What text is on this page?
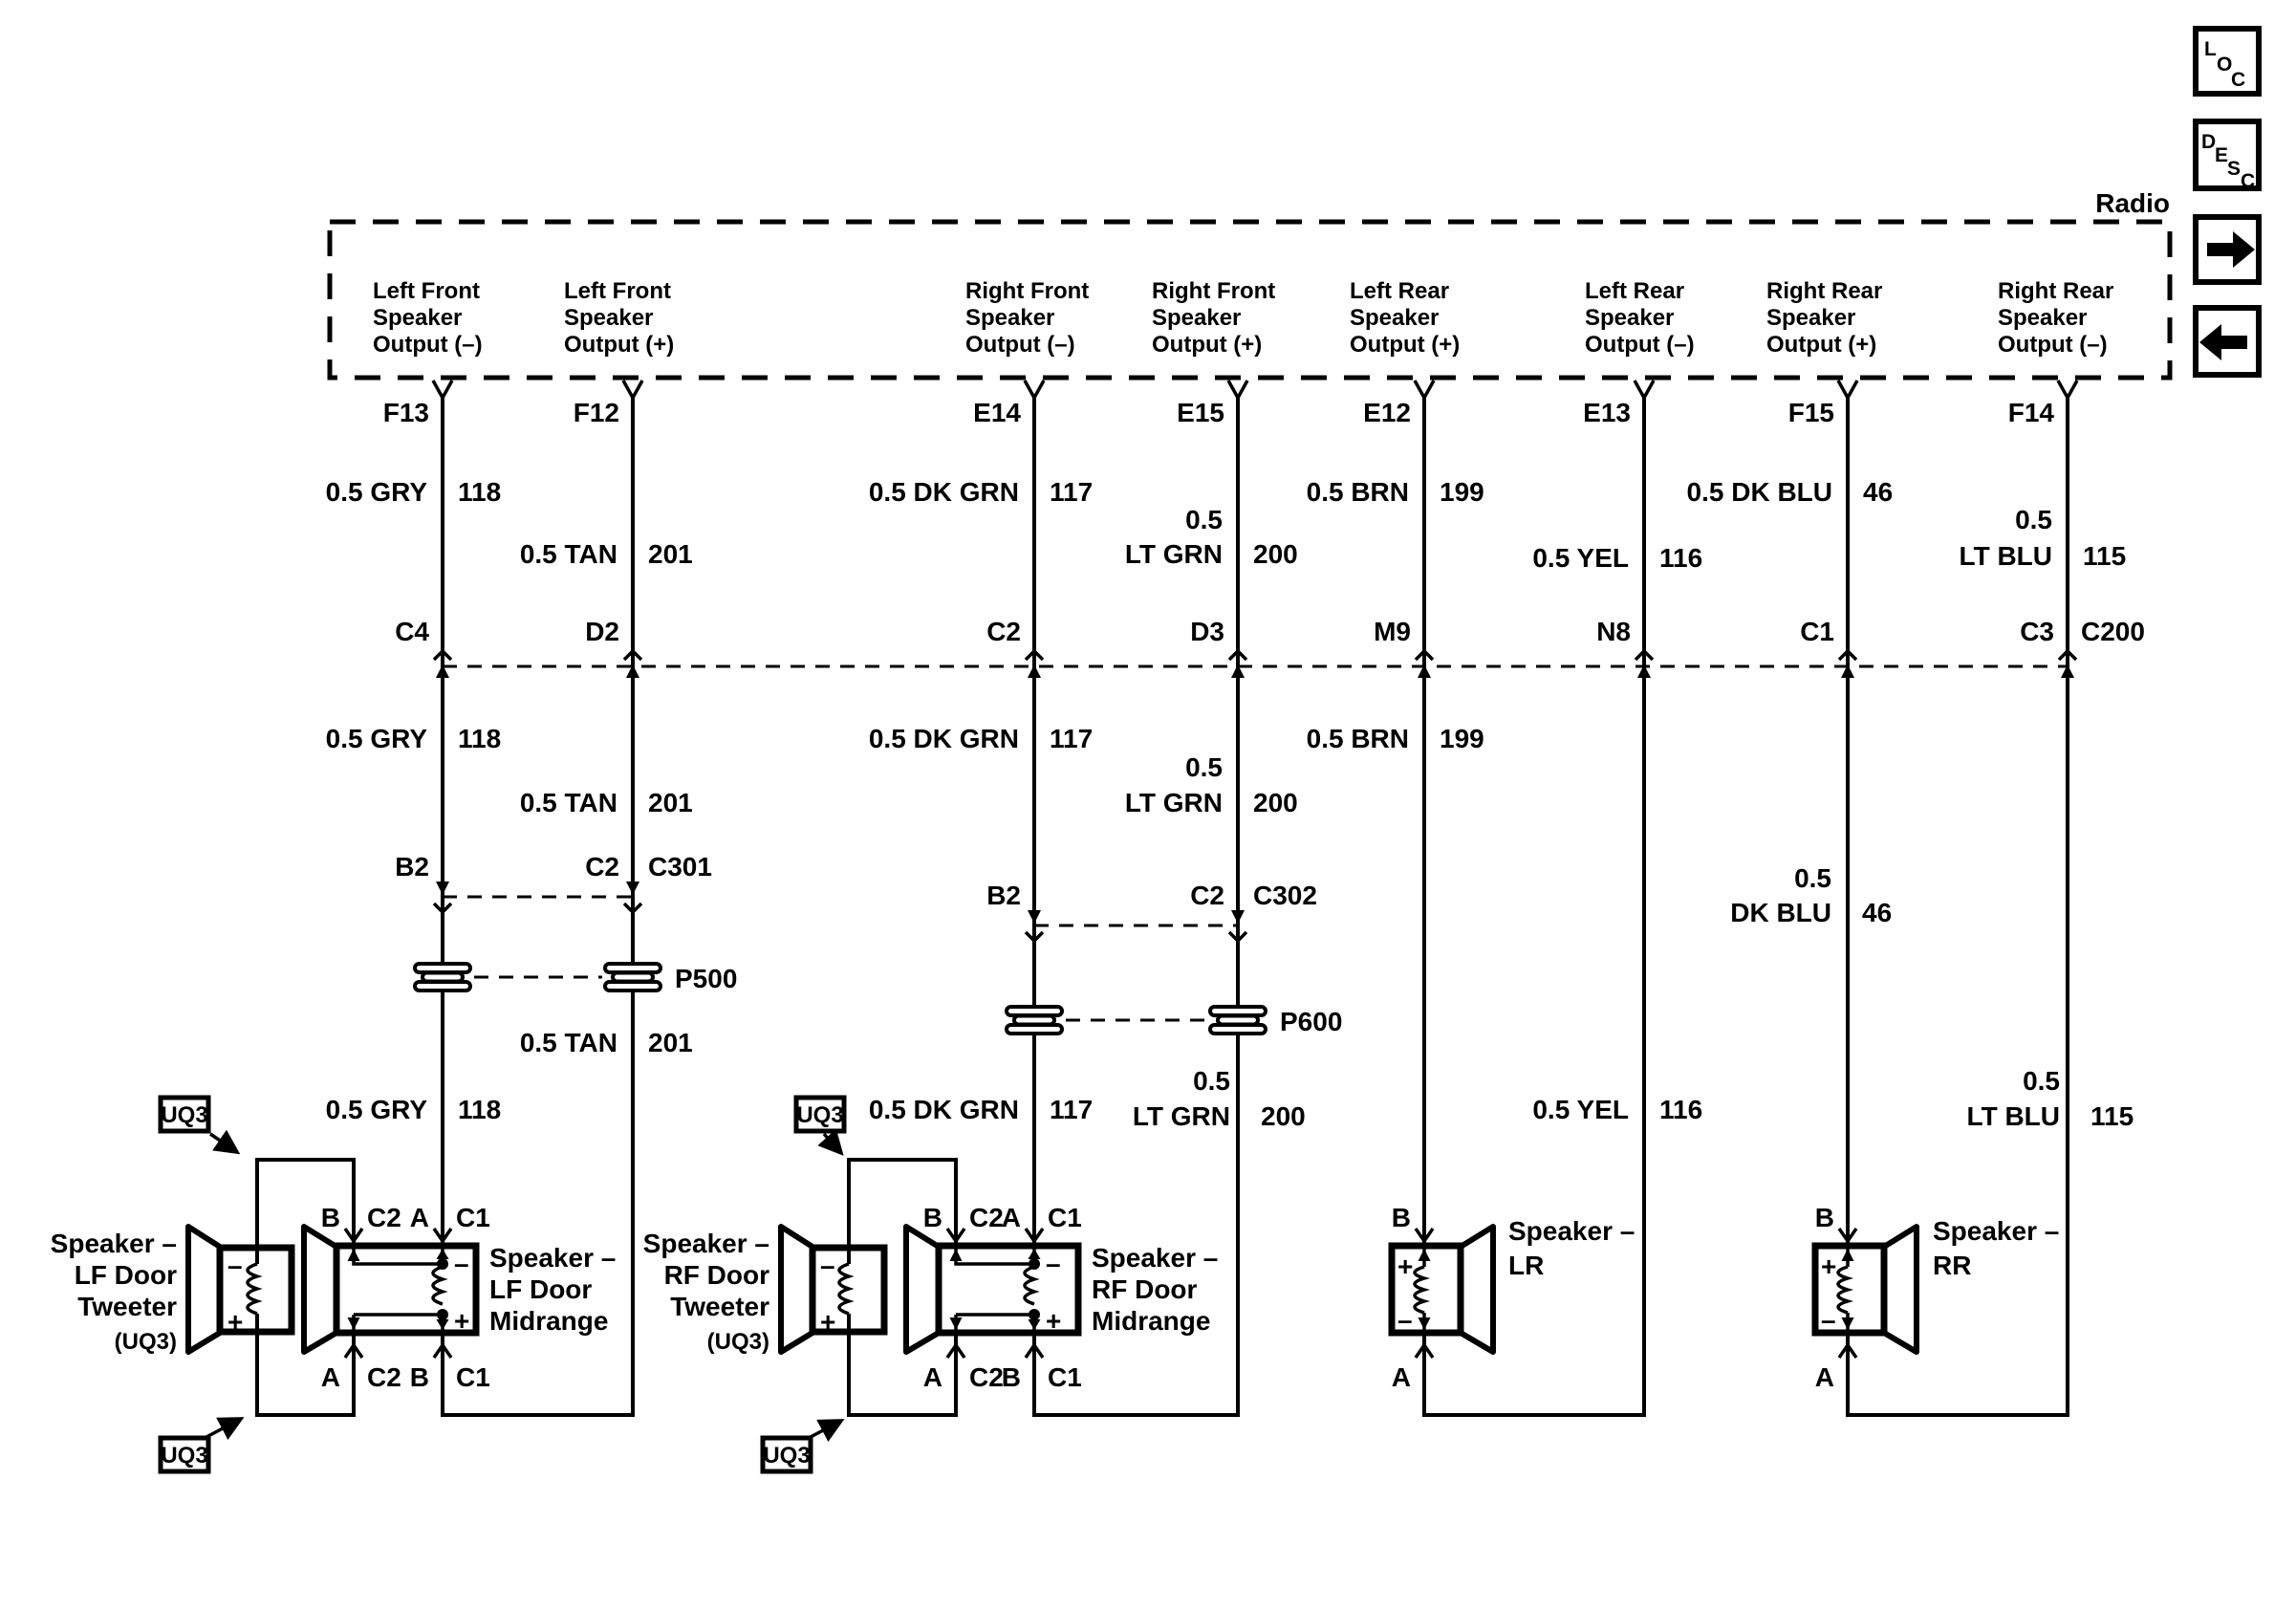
C4	D2	C2	D3	M9	N8	C1	C3 C200
B2	C2 C301
B2	C2 C302
P500
P600
0.5 GRY 118
0.5 TAN 201
0.5 DK GRN 117
0.5
LT GRN 200
0.5 BRN 199
0.5 YEL 116
0.5 DK BLU 46
0.5
LT BLU 115
0.5 GRY 118
0.5 TAN 201
0.5 DK GRN 117
0.5
LT GRN 200
0.5 BRN 199
0.5
DK BLU 46
0.5 TAN 201
0.5 GRY 118	0.5 DK GRN 117
0.5
LT GRN 200	0.5 YEL 116
0.5
LT BLU 115
–
+
Speaker –
LF Door
Tweeter
(UQ3)
–
+
B C2 A C1
A C2 B C1
Speaker –
LF Door
Midrange
–
+
Speaker –
RF Door
Tweeter
(UQ3)
–
+
B C2
A C1
A C2
B C1
Speaker –
RF Door
Midrange
+
–
B
A
Speaker –
LR	+
–
B
A
Speaker –
RR
UQ3
UQ3
UQ3
UQ3
Radio
Left Front
Speaker
Output (–)
F13
Left Front
Speaker
Output (+)
F12
Right Front
Speaker
Output (–)
E14
Right Front
Speaker
Output (+)
E15
Left Rear
Speaker
Output (+)
E12
Left Rear
Speaker
Output (–)
E13
Right Rear
Speaker
Output (+)
F15
Right Rear
Speaker
Output (–)
F14
L
O
C
D
E
S
C
